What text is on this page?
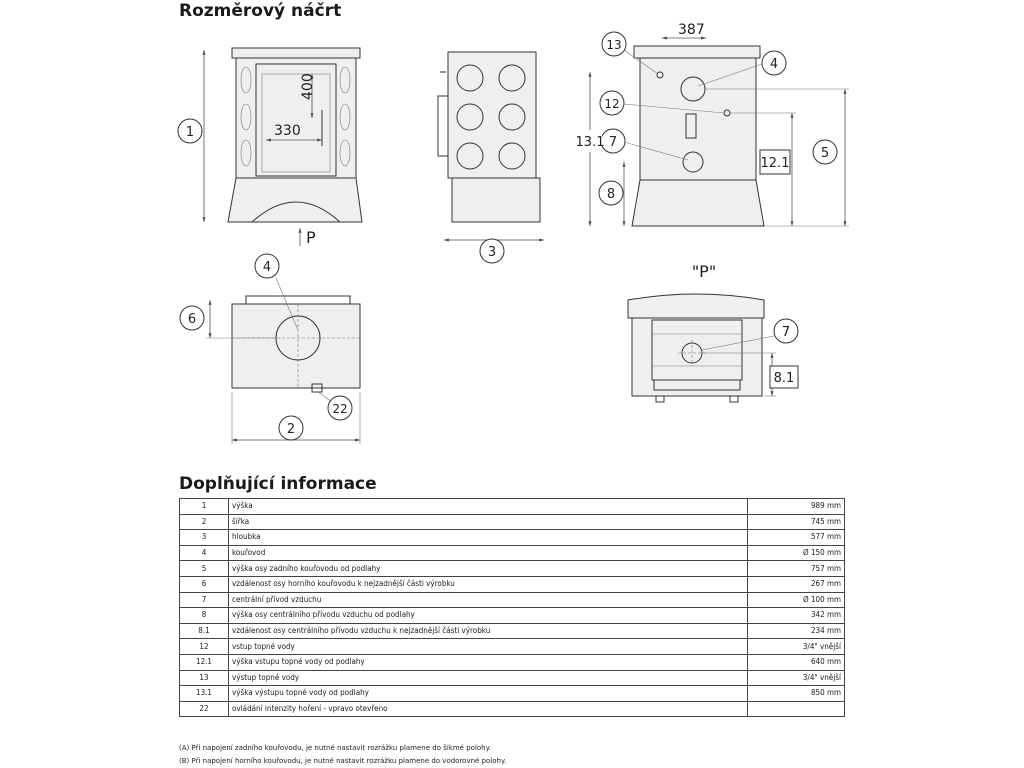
Rozměrový náčrt
400
330
1
P
3
387
13
4
12
7
13.1
8
12.1
5
4
6
22
2
"P"
7
8.1
Doplňující informace
1	výška	989 mm
2	šířka	745 mm
3	hloubka	577 mm
4	kouřovod	Ø 150 mm
5	výška osy zadního kouřovodu od podlahy	757 mm
6	vzdálenost osy horního kouřovodu k nejzadnější části výrobku	267 mm
7	centrální přívod vzduchu	Ø 100 mm
8	výška osy centrálního přívodu vzduchu od podlahy	342 mm
8.1	vzdálenost osy centrálního přívodu vzduchu k nejzadnější části výrobku	234 mm
12	vstup topné vody	3/4" vnější
12.1	výška vstupu topné vody od podlahy	640 mm
13	výstup topné vody	3/4" vnější
13.1	výška výstupu topné vody od podlahy	850 mm
22	ovládání intenzity hoření - vpravo otevřeno	
(A) Při napojení zadního kouřovodu, je nutné nastavit rozrážku plamene do šikmé polohy.
(B) Při napojení horního kouřovodu, je nutné nastavit rozrážku plamene do vodorovné polohy.
